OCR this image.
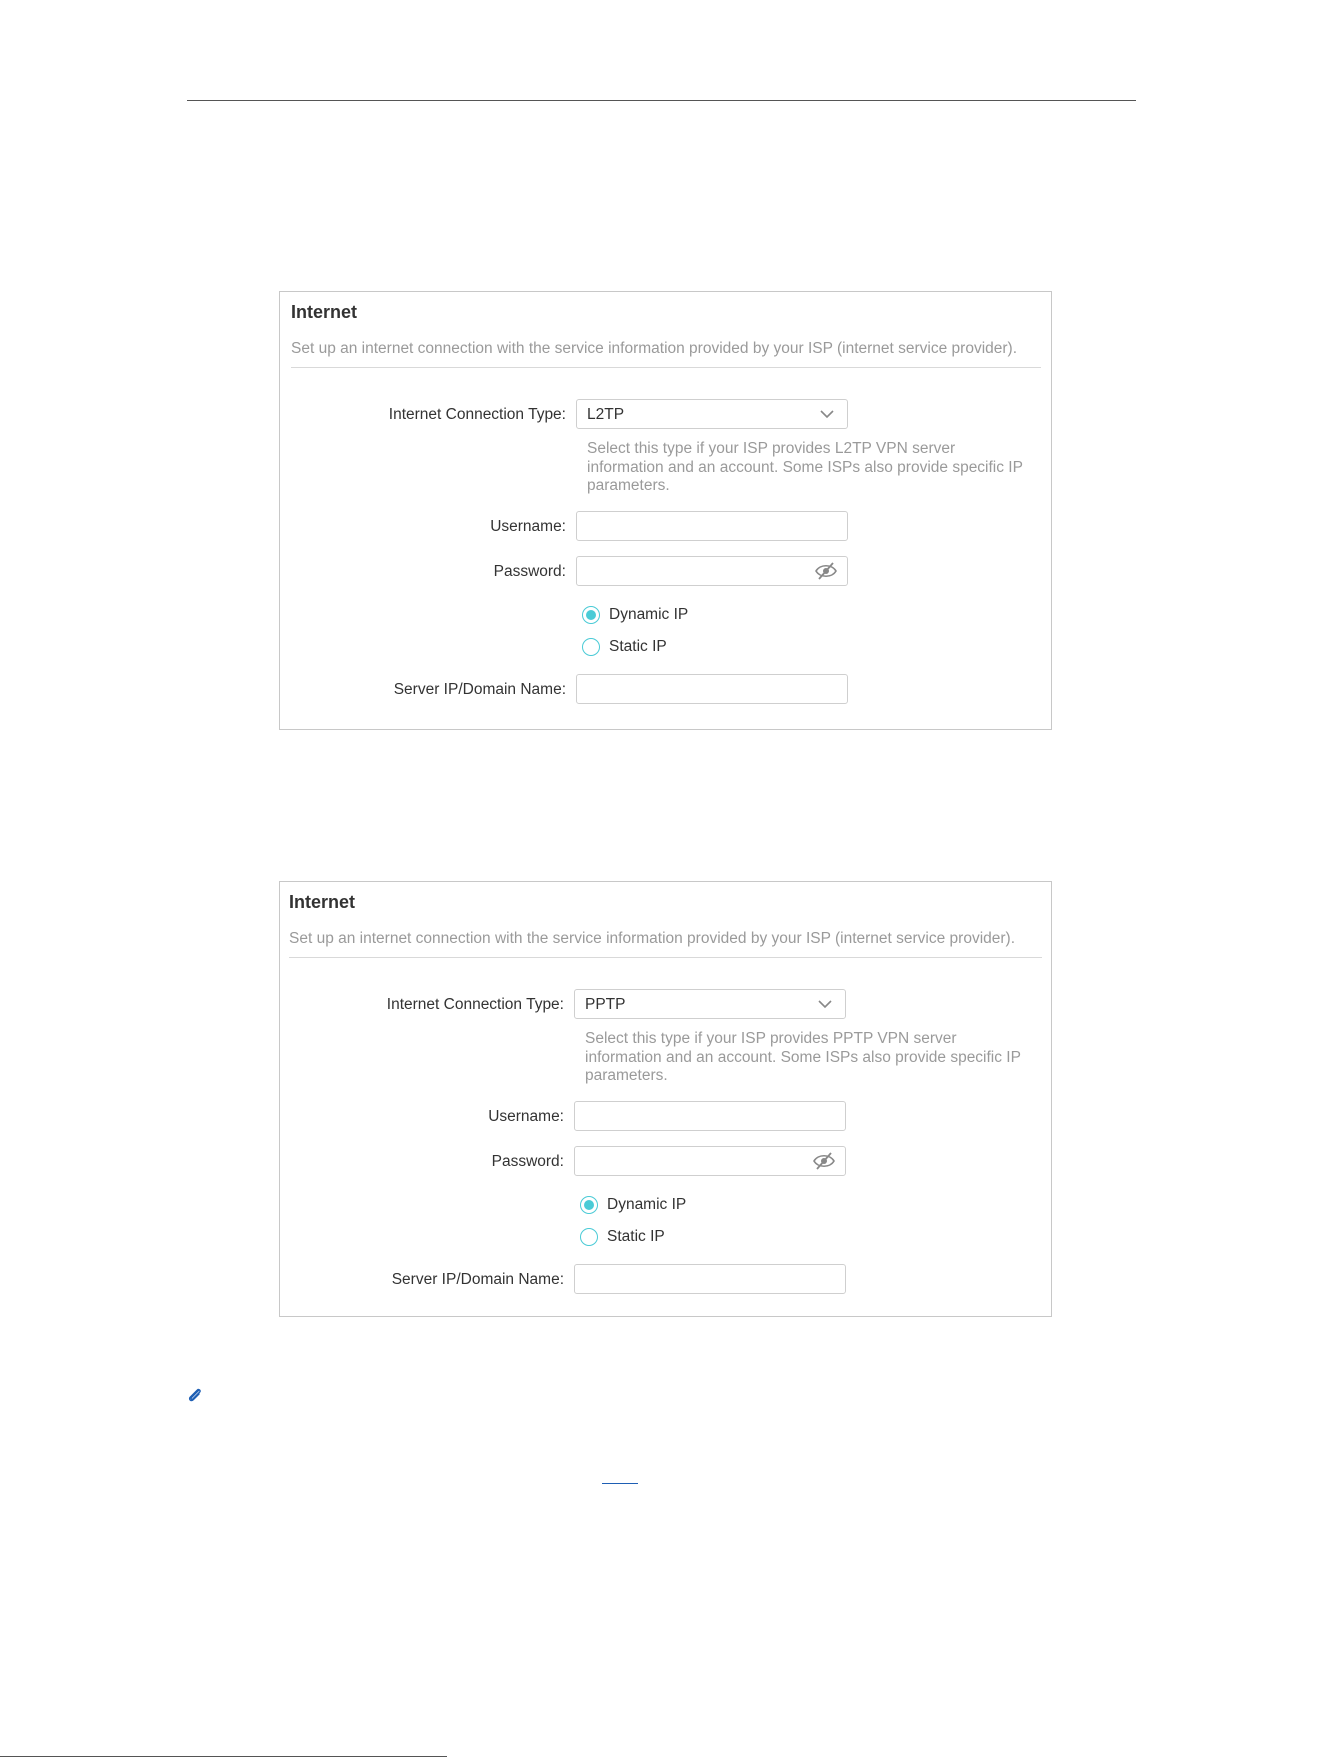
Internet
Set up an internet connection with the service information provided by your ISP (internet service provider).
Internet Connection Type: L2TP
Select this type if your ISP provides L2TP VPN server information and an account. Some ISPs also provide specific IP parameters.
Username:
Password:
Dynamic IP
Static IP
Server IP/Domain Name:
Internet
Set up an internet connection with the service information provided by your ISP (internet service provider).
Internet Connection Type: PPTP
Select this type if your ISP provides PPTP VPN server information and an account. Some ISPs also provide specific IP parameters.
Username:
Password:
Dynamic IP
Static IP
Server IP/Domain Name:
